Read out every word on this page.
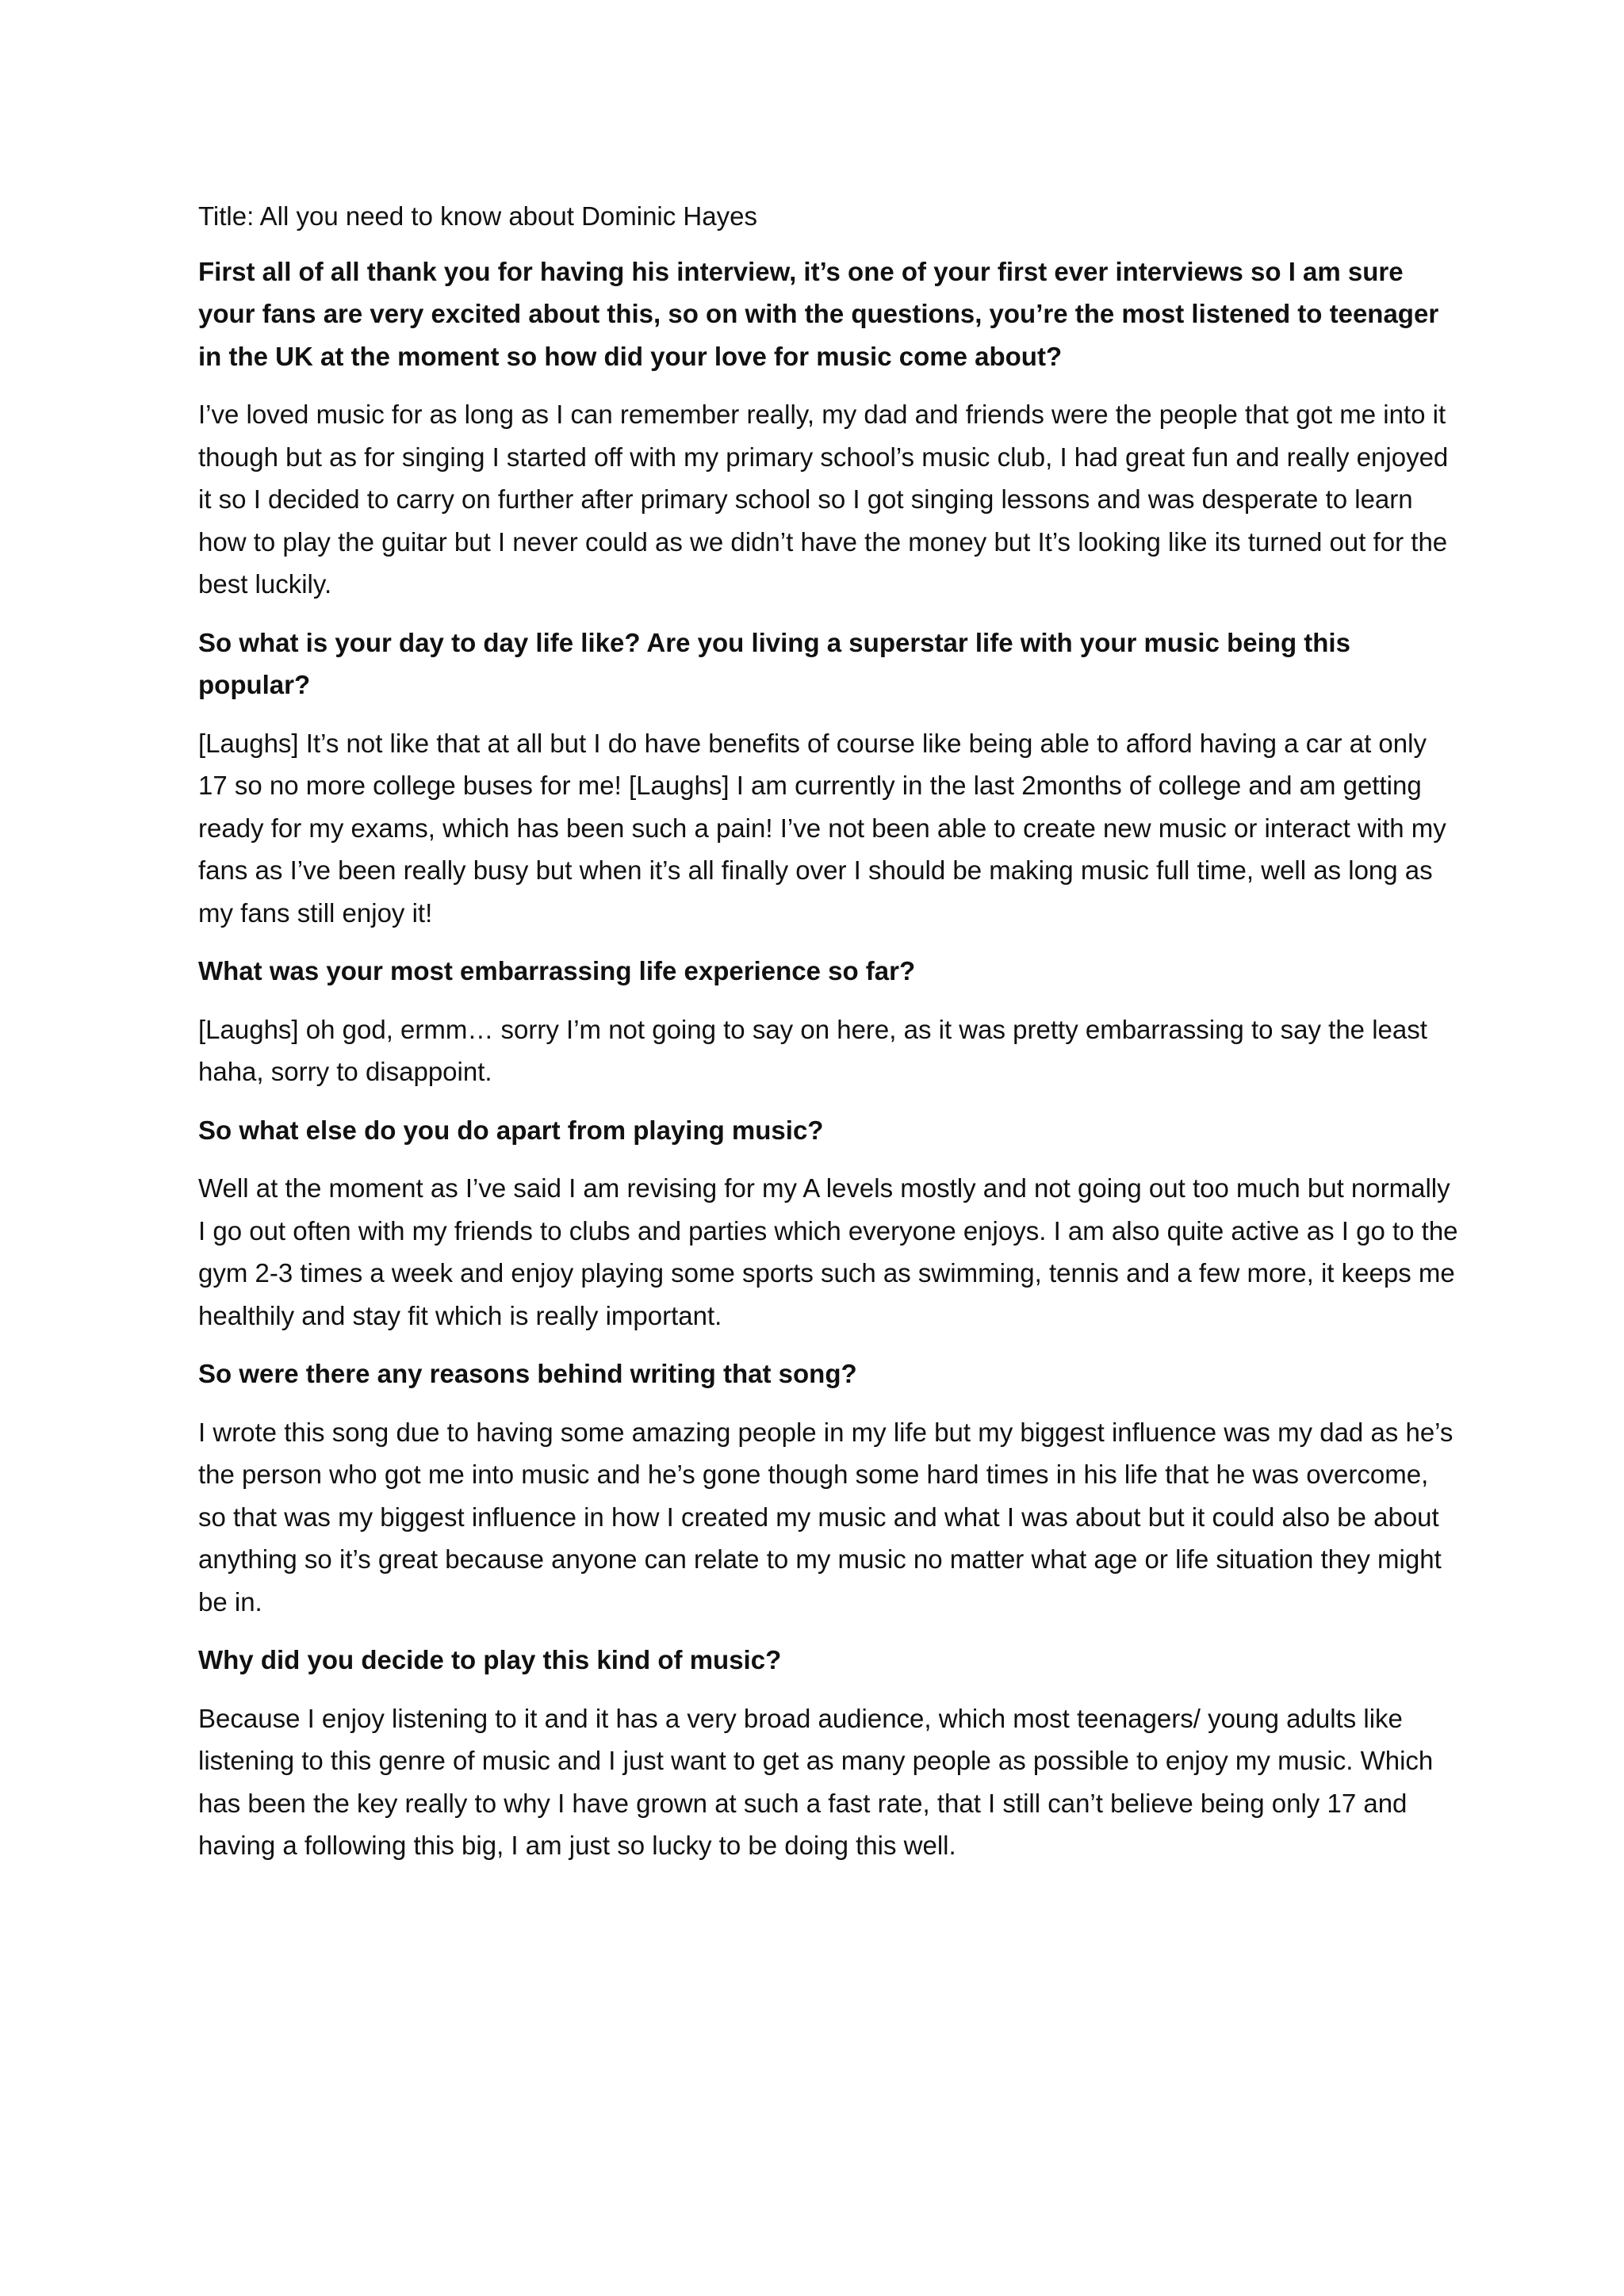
Title: All you need to know about Dominic Hayes

First all of all thank you for having his interview, it’s one of your first ever interviews so I am sure your fans are very excited about this, so on with the questions, you’re the most listened to teenager in the UK at the moment so how did your love for music come about?

I’ve loved music for as long as I can remember really, my dad and friends were the people that got me into it though but as for singing I started off with my primary school’s music club, I had great fun and really enjoyed it so I decided to carry on further after primary school so I got singing lessons and was desperate to learn how to play the guitar but I never could as we didn’t have the money but It’s looking like its turned out for the best luckily.

So what is your day to day life like? Are you living a superstar life with your music being this popular?

[Laughs] It’s not like that at all but I do have benefits of course like being able to afford having a car at only 17 so no more college buses for me! [Laughs] I am currently in the last 2months of college and am getting ready for my exams, which has been such a pain! I’ve not been able to create new music or interact with my fans as I’ve been really busy but when it’s all finally over I should be making music full time, well as long as my fans still enjoy it!

What was your most embarrassing life experience so far?

[Laughs] oh god, ermm… sorry I’m not going to say on here, as it was pretty embarrassing to say the least haha, sorry to disappoint.

So what else do you do apart from playing music?

Well at the moment as I’ve said I am revising for my A levels mostly and not going out too much but normally I go out often with my friends to clubs and parties which everyone enjoys. I am also quite active as I go to the gym 2-3 times a week and enjoy playing some sports such as swimming, tennis and a few more, it keeps me healthily and stay fit which is really important.

So were there any reasons behind writing that song?

I wrote this song due to having some amazing people in my life but my biggest influence was my dad as he’s the person who got me into music and he’s gone though some hard times in his life that he was overcome, so that was my biggest influence in how I created my music and what I was about but it could also be about anything so it’s great because anyone can relate to my music no matter what age or life situation they might be in.

Why did you decide to play this kind of music?

Because I enjoy listening to it and it has a very broad audience, which most teenagers/ young adults like listening to this genre of music and I just want to get as many people as possible to enjoy my music. Which has been the key really to why I have grown at such a fast rate, that I still can’t believe being only 17 and having a following this big, I am just so lucky to be doing this well.
